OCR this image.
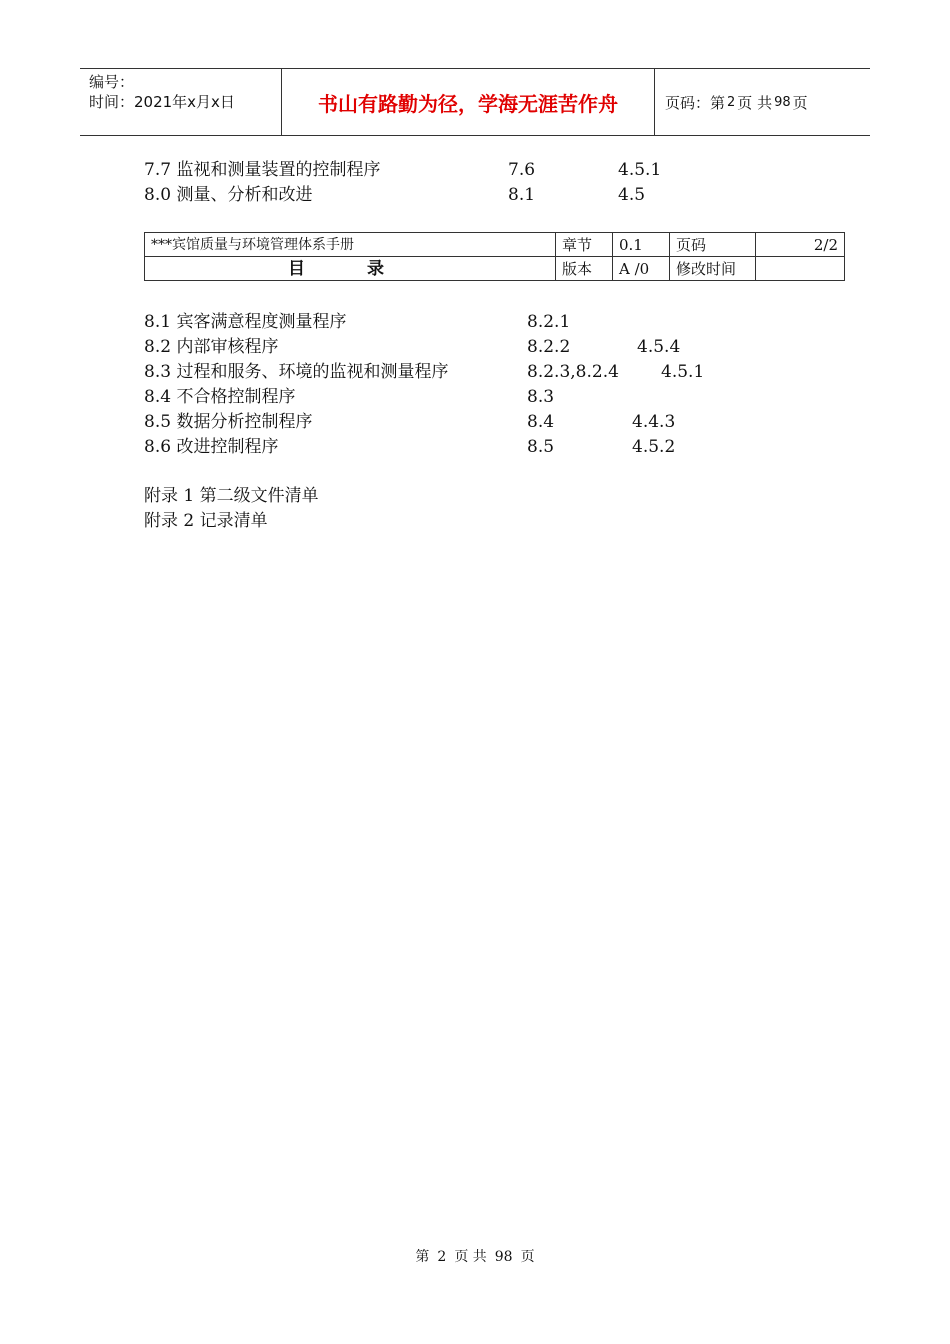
编号：
时间：2021年x月x日	书山有路勤为径，学海无涯苦作舟	页码：第 2 页 共 98 页
7.7 监视和测量装置的控制程序	7.6	4.5.1
8.0 测量、分析和改进	8.1	4.5
***宾馆质量与环境管理体系手册	章节	0.1	页码	2/2
目 录	版本	A /0	修改时间	
8.1 宾客满意程度测量程序	8.2.1
8.2 内部审核程序	8.2.2	4.5.4
8.3 过程和服务、环境的监视和测量程序	8.2.3,8.2.4 4.5.1
8.4 不合格控制程序	8.3
8.5 数据分析控制程序	8.4	4.4.3
8.6 改进控制程序	8.5	4.5.2
附录 1 第二级文件清单
附录 2 记录清单
第 2 页 共 98 页
